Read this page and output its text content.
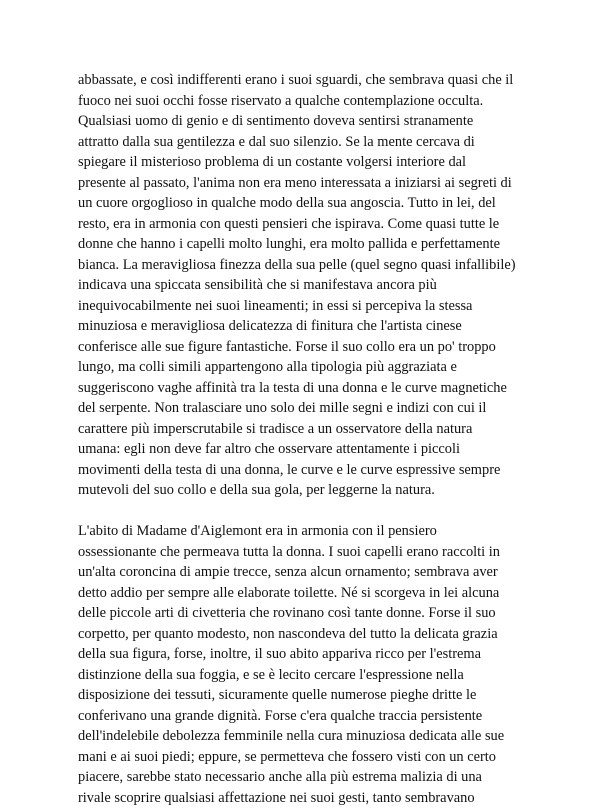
abbassate, e così indifferenti erano i suoi sguardi, che sembrava quasi che il
fuoco nei suoi occhi fosse riservato a qualche contemplazione occulta.
Qualsiasi uomo di genio e di sentimento doveva sentirsi stranamente
attratto dalla sua gentilezza e dal suo silenzio. Se la mente cercava di
spiegare il misterioso problema di un costante volgersi interiore dal
presente al passato, l'anima non era meno interessata a iniziarsi ai segreti di
un cuore orgoglioso in qualche modo della sua angoscia. Tutto in lei, del
resto, era in armonia con questi pensieri che ispirava. Come quasi tutte le
donne che hanno i capelli molto lunghi, era molto pallida e perfettamente
bianca. La meravigliosa finezza della sua pelle (quel segno quasi infallibile)
indicava una spiccata sensibilità che si manifestava ancora più
inequivocabilmente nei suoi lineamenti; in essi si percepiva la stessa
minuziosa e meravigliosa delicatezza di finitura che l'artista cinese
conferisce alle sue figure fantastiche. Forse il suo collo era un po' troppo
lungo, ma colli simili appartengono alla tipologia più aggraziata e
suggeriscono vaghe affinità tra la testa di una donna e le curve magnetiche
del serpente. Non tralasciare uno solo dei mille segni e indizi con cui il
carattere più imperscrutabile si tradisce a un osservatore della natura
umana: egli non deve far altro che osservare attentamente i piccoli
movimenti della testa di una donna, le curve e le curve espressive sempre
mutevoli del suo collo e della sua gola, per leggerne la natura.
L'abito di Madame d'Aiglemont era in armonia con il pensiero
ossessionante che permeava tutta la donna. I suoi capelli erano raccolti in
un'alta coroncina di ampie trecce, senza alcun ornamento; sembrava aver
detto addio per sempre alle elaborate toilette. Né si scorgeva in lei alcuna
delle piccole arti di civetteria che rovinano così tante donne. Forse il suo
corpetto, per quanto modesto, non nascondeva del tutto la delicata grazia
della sua figura, forse, inoltre, il suo abito appariva ricco per l'estrema
distinzione della sua foggia, e se è lecito cercare l'espressione nella
disposizione dei tessuti, sicuramente quelle numerose pieghe dritte le
conferivano una grande dignità. Forse c'era qualche traccia persistente
dell'indelebile debolezza femminile nella cura minuziosa dedicata alle sue
mani e ai suoi piedi; eppure, se permetteva che fossero visti con un certo
piacere, sarebbe stato necessario anche alla più estrema malizia di una
rivale scoprire qualsiasi affettazione nei suoi gesti, tanto sembravano
